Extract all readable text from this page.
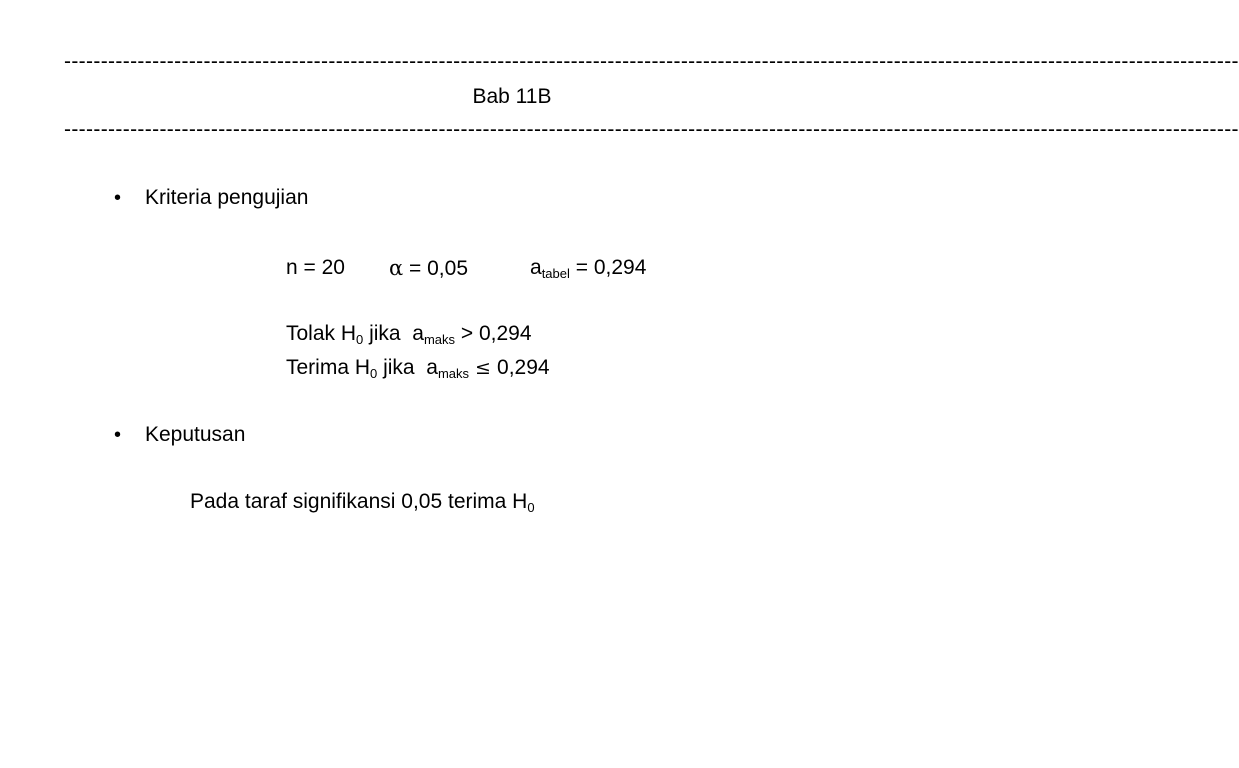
----------------------------------------------------------------------------------------------------------------------------------------------------------------
Bab 11B
----------------------------------------------------------------------------------------------------------------------------------------------------------------
• Kriteria pengujian
n = 20 α = 0,05	$a_{tabel} = 0,294$
Tolak $H_0$ jika  $a_{maks} > 0,294$
Terima $H_0$ jika  $a_{maks} \le 0,294$
• Keputusan
Pada taraf signifikansi 0,05 terima $H_0$
